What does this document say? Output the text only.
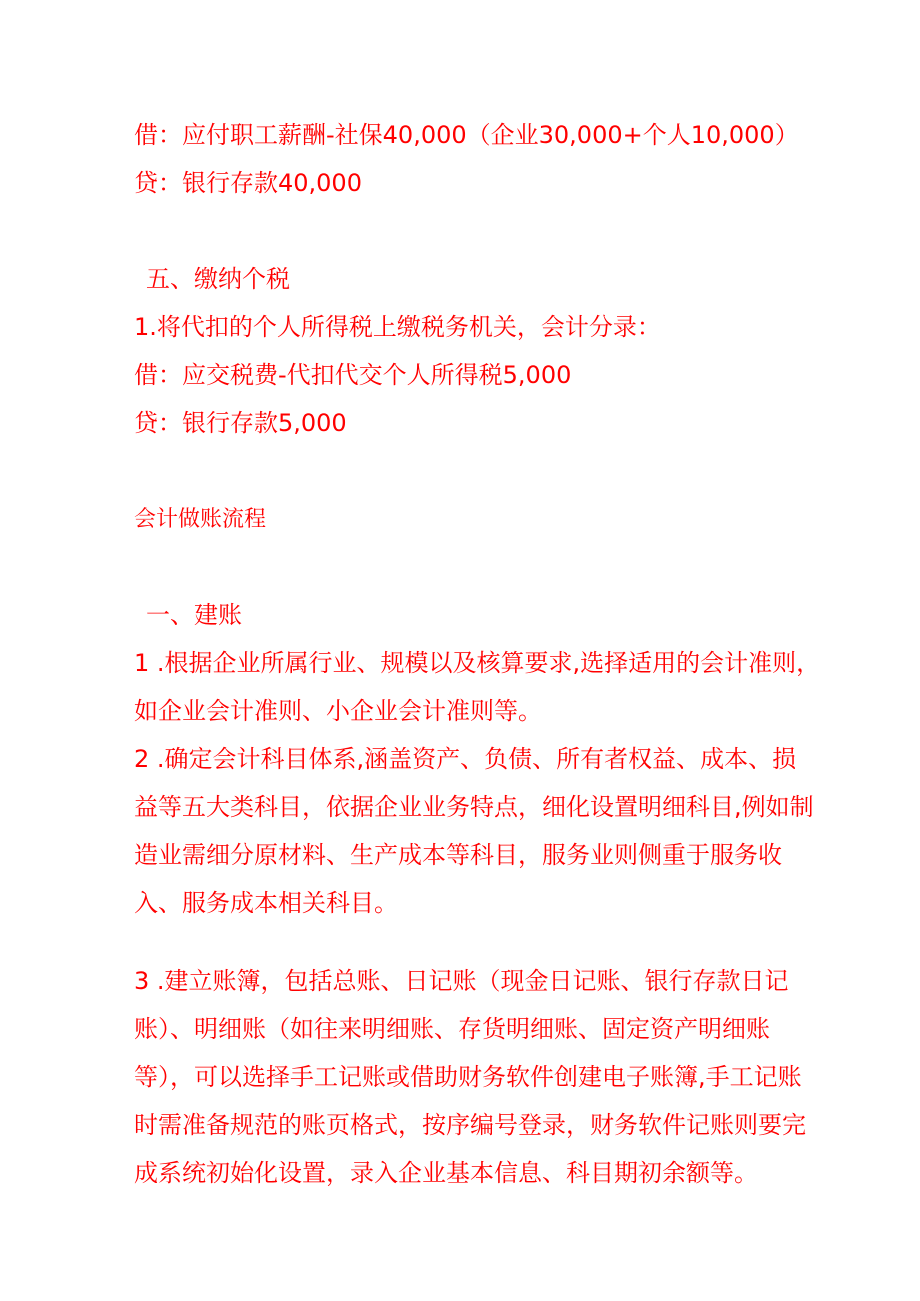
借：应付职工薪酬-社保40,000（企业30,000+个人10,000）
贷：银行存款40,000
五、缴纳个税
1.将代扣的个人所得税上缴税务机关，会计分录：
借：应交税费-代扣代交个人所得税5,000
贷：银行存款5,000
会计做账流程
一、建账
1 .根据企业所属行业、规模以及核算要求,选择适用的会计准则，
如企业会计准则、小企业会计准则等。
2 .确定会计科目体系,涵盖资产、负债、所有者权益、成本、损
益等五大类科目，依据企业业务特点，细化设置明细科目,例如制
造业需细分原材料、生产成本等科目，服务业则侧重于服务收
入、服务成本相关科目。
3 .建立账簿，包括总账、日记账（现金日记账、银行存款日记
账）、明细账（如往来明细账、存货明细账、固定资产明细账
等），可以选择手工记账或借助财务软件创建电子账簿,手工记账
时需准备规范的账页格式，按序编号登录，财务软件记账则要完
成系统初始化设置，录入企业基本信息、科目期初余额等。
